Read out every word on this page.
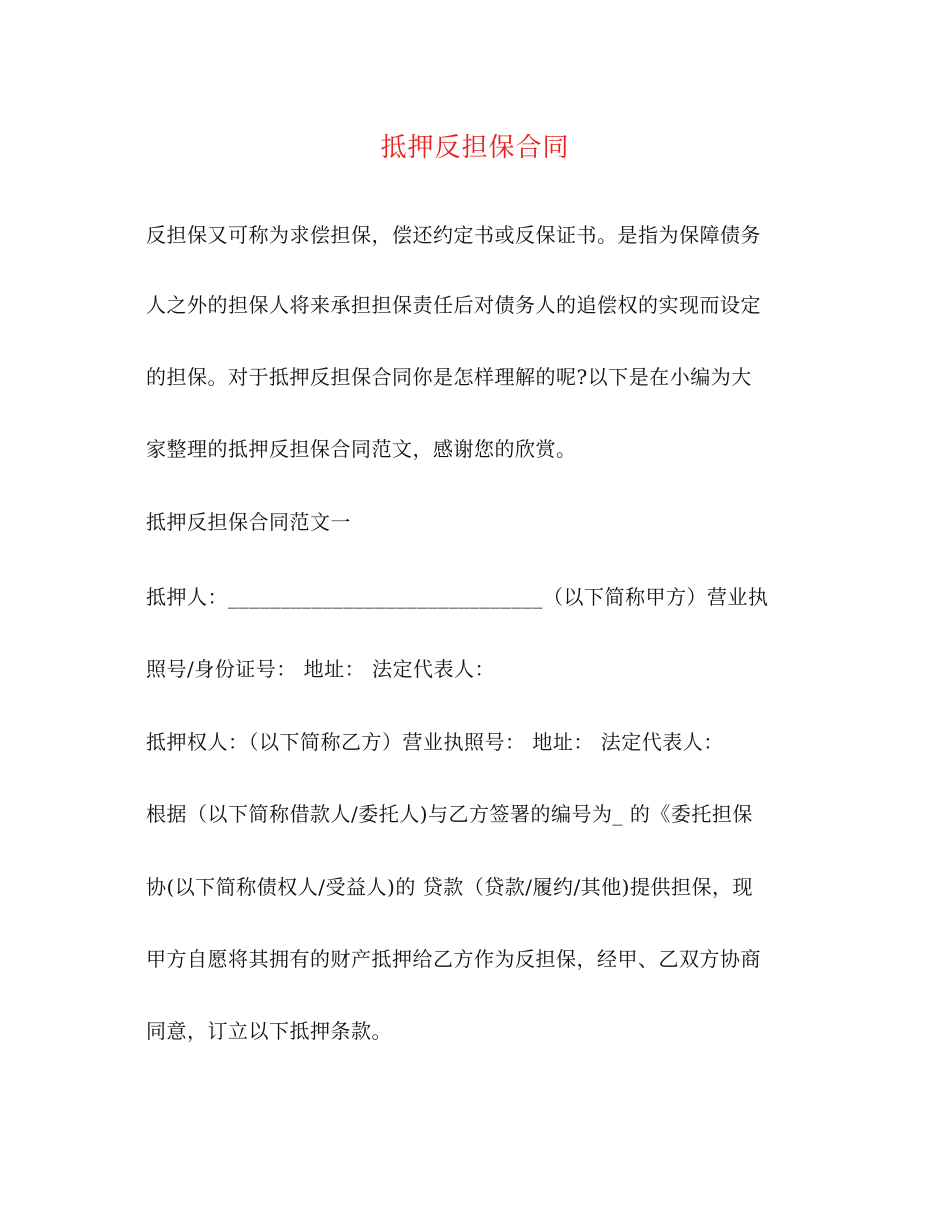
抵押反担保合同
反担保又可称为求偿担保，偿还约定书或反保证书。是指为保障债务
人之外的担保人将来承担担保责任后对债务人的追偿权的实现而设定
的担保。对于抵押反担保合同你是怎样理解的呢?以下是在小编为大
家整理的抵押反担保合同范文，感谢您的欣赏。
抵押反担保合同范文一
抵押人：______________________________（以下简称甲方）营业执
照号/身份证号： 地址： 法定代表人：
抵押权人：（以下简称乙方）营业执照号： 地址： 法定代表人：
根据（以下简称借款人/委托人)与乙方签署的编号为_ 的《委托担保
协(以下简称债权人/受益人)的 贷款（贷款/履约/其他)提供担保，现
甲方自愿将其拥有的财产抵押给乙方作为反担保，经甲、乙双方协商
同意，订立以下抵押条款。
